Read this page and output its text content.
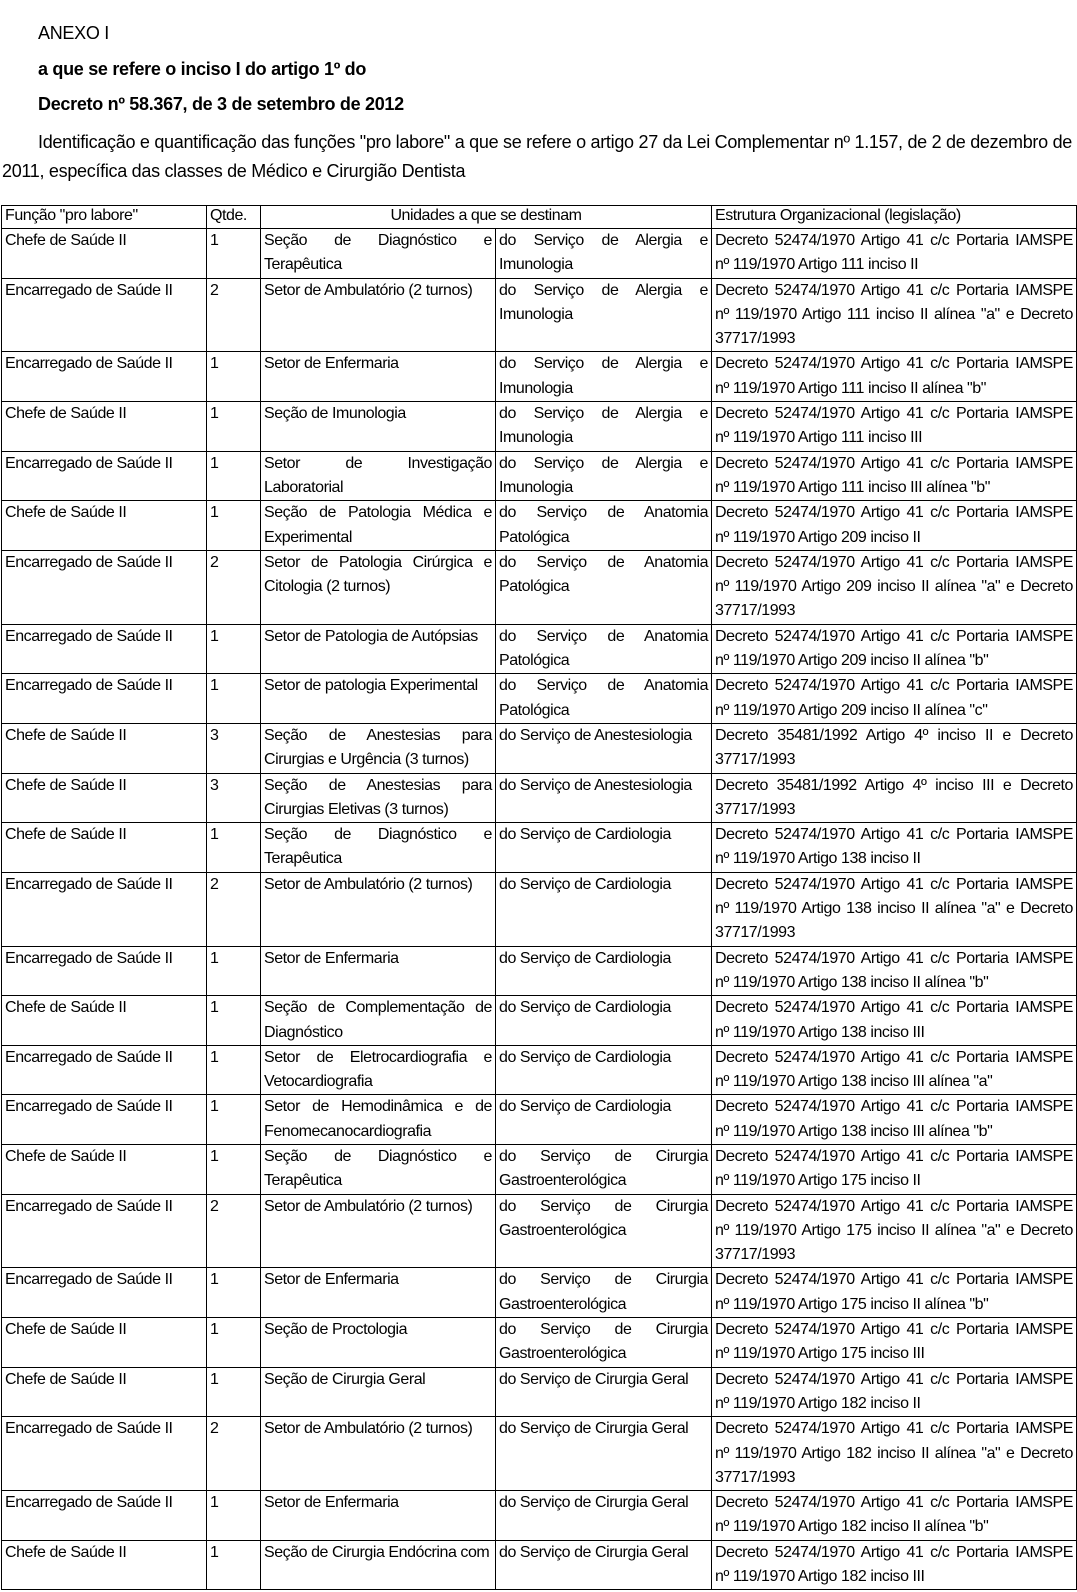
ANEXO I
a que se refere o inciso I do artigo 1º do
Decreto nº 58.367, de 3 de setembro de 2012
Identificação e quantificação das funções "pro labore" a que se refere o artigo 27 da Lei Complementar nº 1.157, de 2 de dezembro de 2011, específica das classes de Médico e Cirurgião Dentista
Função "pro labore"	Qtde.	Unidades a que se destinam		Estrutura Organizacional (legislação)
Chefe de Saúde II	1	Seção de Diagnóstico e Terapêutica	do Serviço de Alergia e Imunologia	Decreto 52474/1970 Artigo 41 c/c Portaria IAMSPE nº 119/1970 Artigo 111 inciso II
Encarregado de Saúde II	2	Setor de Ambulatório (2 turnos)	do Serviço de Alergia e Imunologia	Decreto 52474/1970 Artigo 41 c/c Portaria IAMSPE nº 119/1970 Artigo 111 inciso II alínea "a" e Decreto 37717/1993
Encarregado de Saúde II	1	Setor de Enfermaria	do Serviço de Alergia e Imunologia	Decreto 52474/1970 Artigo 41 c/c Portaria IAMSPE nº 119/1970 Artigo 111 inciso II alínea "b"
Chefe de Saúde II	1	Seção de Imunologia	do Serviço de Alergia e Imunologia	Decreto 52474/1970 Artigo 41 c/c Portaria IAMSPE nº 119/1970 Artigo 111 inciso III
Encarregado de Saúde II	1	Setor de Investigação Laboratorial	do Serviço de Alergia e Imunologia	Decreto 52474/1970 Artigo 41 c/c Portaria IAMSPE nº 119/1970 Artigo 111 inciso III alínea "b"
Chefe de Saúde II	1	Seção de Patologia Médica e Experimental	do Serviço de Anatomia Patológica	Decreto 52474/1970 Artigo 41 c/c Portaria IAMSPE nº 119/1970 Artigo 209 inciso II
Encarregado de Saúde II	2	Setor de Patologia Cirúrgica e Citologia (2 turnos)	do Serviço de Anatomia Patológica	Decreto 52474/1970 Artigo 41 c/c Portaria IAMSPE nº 119/1970 Artigo 209 inciso II alínea "a" e Decreto 37717/1993
Encarregado de Saúde II	1	Setor de Patologia de Autópsias	do Serviço de Anatomia Patológica	Decreto 52474/1970 Artigo 41 c/c Portaria IAMSPE nº 119/1970 Artigo 209 inciso II alínea "b"
Encarregado de Saúde II	1	Setor de patologia Experimental	do Serviço de Anatomia Patológica	Decreto 52474/1970 Artigo 41 c/c Portaria IAMSPE nº 119/1970 Artigo 209 inciso II alínea "c"
Chefe de Saúde II	3	Seção de Anestesias para Cirurgias e Urgência (3 turnos)	do Serviço de Anestesiologia	Decreto 35481/1992 Artigo 4º inciso II e Decreto 37717/1993
Chefe de Saúde II	3	Seção de Anestesias para Cirurgias Eletivas (3 turnos)	do Serviço de Anestesiologia	Decreto 35481/1992 Artigo 4º inciso III e Decreto 37717/1993
Chefe de Saúde II	1	Seção de Diagnóstico e Terapêutica	do Serviço de Cardiologia	Decreto 52474/1970 Artigo 41 c/c Portaria IAMSPE nº 119/1970 Artigo 138 inciso II
Encarregado de Saúde II	2	Setor de Ambulatório (2 turnos)	do Serviço de Cardiologia	Decreto 52474/1970 Artigo 41 c/c Portaria IAMSPE nº 119/1970 Artigo 138 inciso II alínea "a" e Decreto 37717/1993
Encarregado de Saúde II	1	Setor de Enfermaria	do Serviço de Cardiologia	Decreto 52474/1970 Artigo 41 c/c Portaria IAMSPE nº 119/1970 Artigo 138 inciso II alínea "b"
Chefe de Saúde II	1	Seção de Complementação de Diagnóstico	do Serviço de Cardiologia	Decreto 52474/1970 Artigo 41 c/c Portaria IAMSPE nº 119/1970 Artigo 138 inciso III
Encarregado de Saúde II	1	Setor de Eletrocardiografia e Vetocardiografia	do Serviço de Cardiologia	Decreto 52474/1970 Artigo 41 c/c Portaria IAMSPE nº 119/1970 Artigo 138 inciso III alínea "a"
Encarregado de Saúde II	1	Setor de Hemodinâmica e de Fenomecanocardiografia	do Serviço de Cardiologia	Decreto 52474/1970 Artigo 41 c/c Portaria IAMSPE nº 119/1970 Artigo 138 inciso III alínea "b"
Chefe de Saúde II	1	Seção de Diagnóstico e Terapêutica	do Serviço de Cirurgia Gastroenterológica	Decreto 52474/1970 Artigo 41 c/c Portaria IAMSPE nº 119/1970 Artigo 175 inciso II
Encarregado de Saúde II	2	Setor de Ambulatório (2 turnos)	do Serviço de Cirurgia Gastroenterológica	Decreto 52474/1970 Artigo 41 c/c Portaria IAMSPE nº 119/1970 Artigo 175 inciso II alínea "a" e Decreto 37717/1993
Encarregado de Saúde II	1	Setor de Enfermaria	do Serviço de Cirurgia Gastroenterológica	Decreto 52474/1970 Artigo 41 c/c Portaria IAMSPE nº 119/1970 Artigo 175 inciso II alínea "b"
Chefe de Saúde II	1	Seção de Proctologia	do Serviço de Cirurgia Gastroenterológica	Decreto 52474/1970 Artigo 41 c/c Portaria IAMSPE nº 119/1970 Artigo 175 inciso III
Chefe de Saúde II	1	Seção de Cirurgia Geral	do Serviço de Cirurgia Geral	Decreto 52474/1970 Artigo 41 c/c Portaria IAMSPE nº 119/1970 Artigo 182 inciso II
Encarregado de Saúde II	2	Setor de Ambulatório (2 turnos)	do Serviço de Cirurgia Geral	Decreto 52474/1970 Artigo 41 c/c Portaria IAMSPE nº 119/1970 Artigo 182 inciso II alínea "a" e Decreto 37717/1993
Encarregado de Saúde II	1	Setor de Enfermaria	do Serviço de Cirurgia Geral	Decreto 52474/1970 Artigo 41 c/c Portaria IAMSPE nº 119/1970 Artigo 182 inciso II alínea "b"
Chefe de Saúde II	1	Seção de Cirurgia Endócrina com	do Serviço de Cirurgia Geral	Decreto 52474/1970 Artigo 41 c/c Portaria IAMSPE nº 119/1970 Artigo 182 inciso III
